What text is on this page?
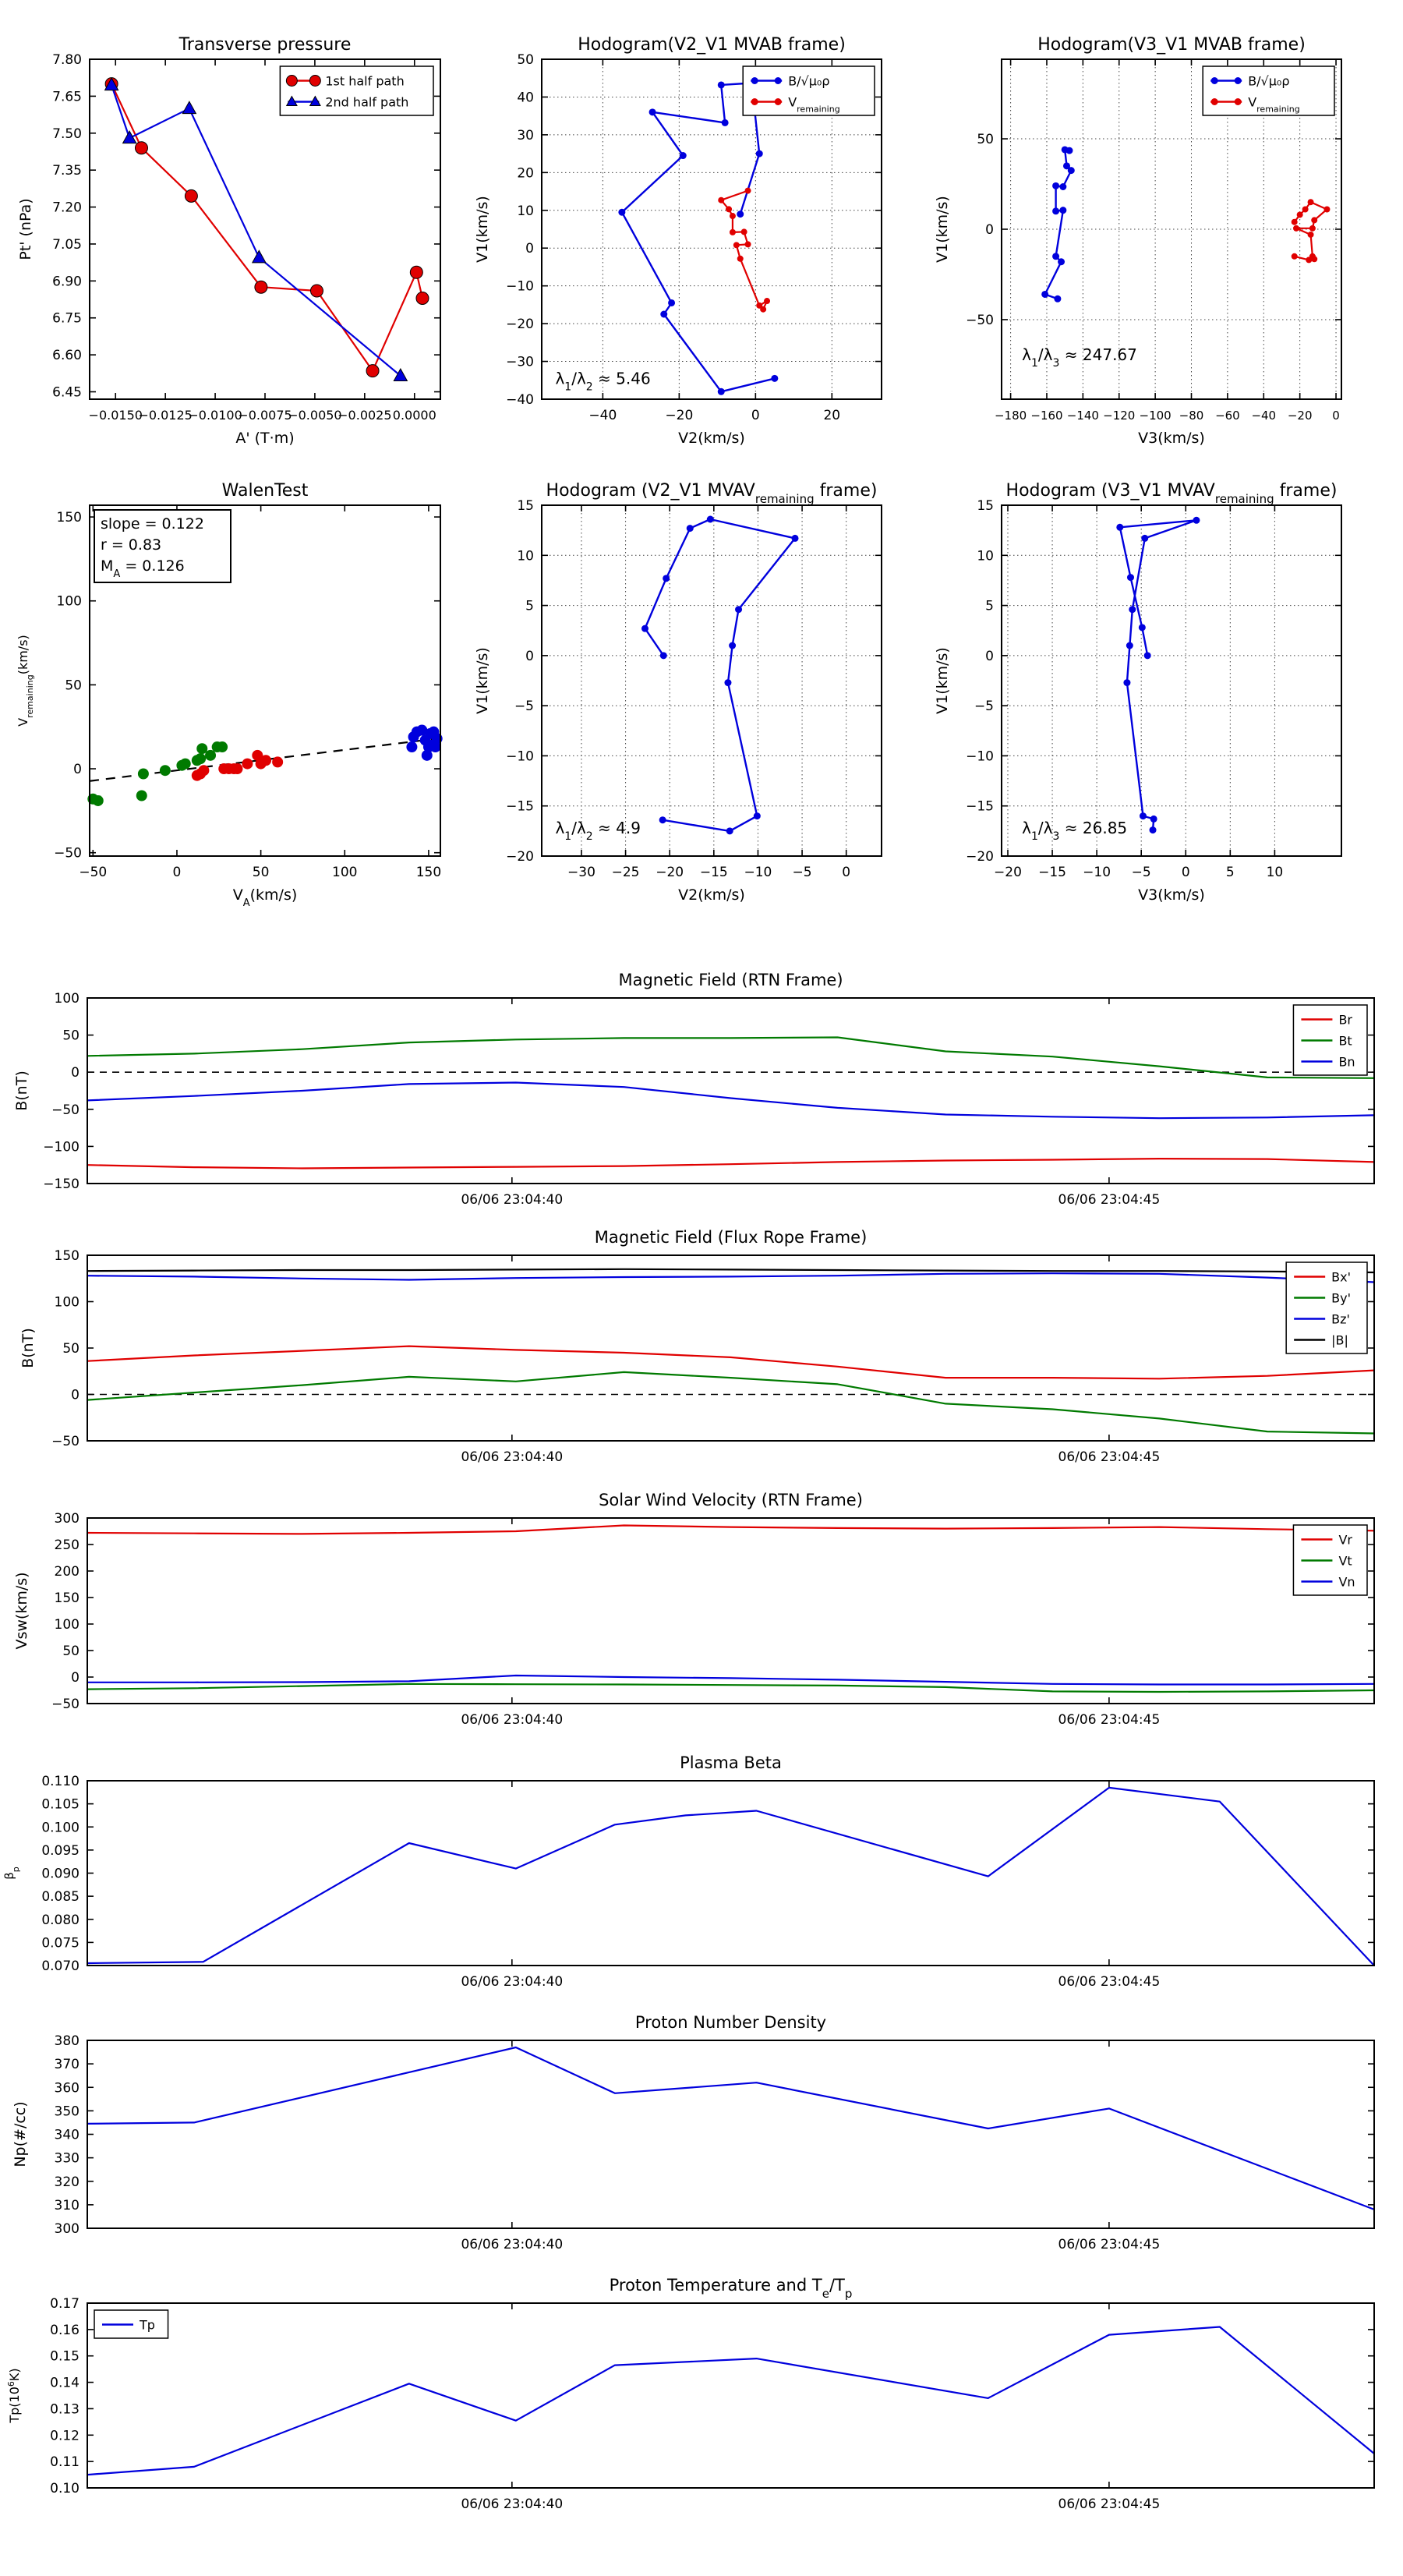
−0.0150
−0.0125
−0.0100
−0.0075
−0.0050
−0.0025 0.0000
6.45
6.60
6.75
6.90
7.05
7.20
7.35
7.50
7.65
7.80
Transverse pressure
A' (T·m)
Pt' (nPa)
1st half path
2nd half path
−40	−20	0	20
−40
−30
−20
−10
0
10
20
30
40
50
Hodogram(V2_V1 MVAB frame)
V2(km/s)
V1(km/s)
B/√μ₀ρ
$V_{remaining}$
$\lambda_1/\lambda_2 \approx 5.46$
−180 −160 −140 −120 −100 −80 −60 −40 −20 0
−50
0
50
Hodogram(V3_V1 MVAB frame)
V3(km/s)
V1(km/s)
B/√μ₀ρ
$V_{remaining}$
$\lambda_1/\lambda_3 \approx 247.67$
−50	0	50	100	150
−50
0
50
100
150
WalenTest
$V_A(km/s)$
$V_{remaining}(km/s)$
slope = 0.122
r = 0.83
$M_A = 0.126$
−30 −25 −20 −15 −10 −5 0
−20
−15
−10
−5
0
5
10
15
Hodogram (V2_V1 $MVAV_{remaining}$ frame)
V2(km/s)
V1(km/s)
$\lambda_1/\lambda_2 \approx 4.9$
−20 −15 −10 −5 0	5 10
−20
−15
−10
−5
0
5
10
15
Hodogram (V3_V1 $MVAV_{remaining}$ frame)
V3(km/s)
V1(km/s)
$\lambda_1/\lambda_3 \approx 26.85$
06/06 23:04:40	06/06 23:04:45
−150
−100
−50
0
50
100
Magnetic Field (RTN Frame)
B(nT)
Br
Bt
Bn
06/06 23:04:40	06/06 23:04:45
−50
0
50
100
150
Magnetic Field (Flux Rope Frame)
B(nT)
Bx'
By'
Bz'
|B|
06/06 23:04:40	06/06 23:04:45
−50
0
50
100
150
200
250
300
Solar Wind Velocity (RTN Frame)
Vsw(km/s)
Vr
Vt
Vn
06/06 23:04:40	06/06 23:04:45
0.070
0.075
0.080
0.085
0.090
0.095
0.100
0.105
0.110
Plasma Beta
$\beta_p$
06/06 23:04:40	06/06 23:04:45
300
310
320
330
340
350
360
370
380
Proton Number Density
Np(#/cc)
06/06 23:04:40	06/06 23:04:45
0.10
0.11
0.12
0.13
0.14
0.15
0.16
0.17
Proton Temperature and $T_e/T_p$
$Tp(10^6K)$
Tp
